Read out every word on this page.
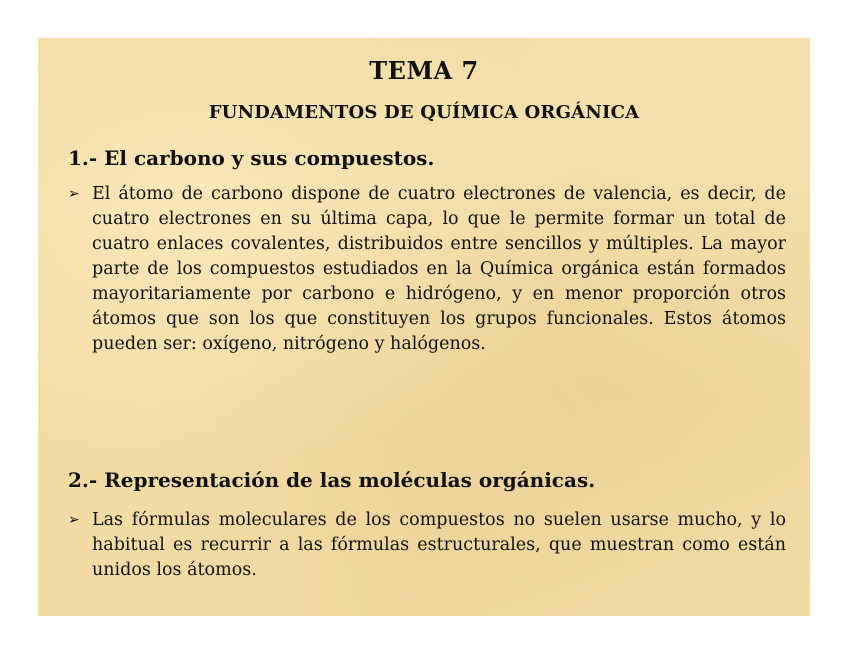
TEMA 7
FUNDAMENTOS DE QUÍMICA ORGÁNICA
1.- El carbono y sus compuestos.
➢ El átomo de carbono dispone de cuatro electrones de valencia, es decir, de cuatro electrones en su última capa, lo que le permite formar un total de cuatro enlaces covalentes, distribuidos entre sencillos y múltiples. La mayor parte de los compuestos estudiados en la Química orgánica están formados mayoritariamente por carbono e hidrógeno, y en menor proporción otros átomos que son los que constituyen los grupos funcionales. Estos átomos pueden ser: oxígeno, nitrógeno y halógenos.
2.- Representación de las moléculas orgánicas.
➢ Las fórmulas moleculares de los compuestos no suelen usarse mucho, y lo habitual es recurrir a las fórmulas estructurales, que muestran como están unidos los átomos.
